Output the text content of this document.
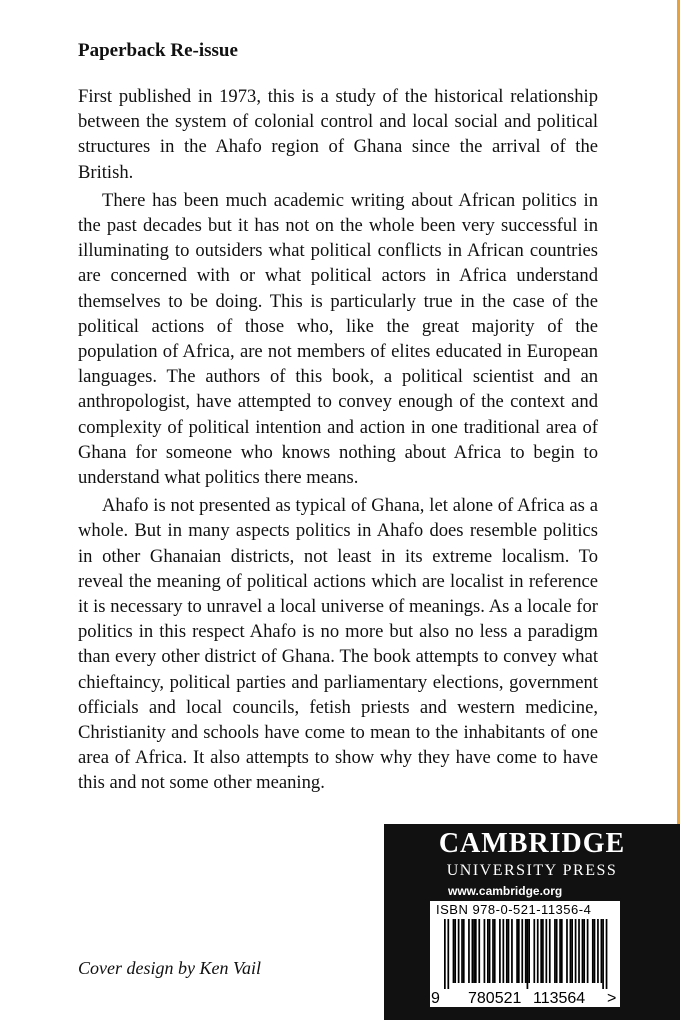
Paperback Re-issue

First published in 1973, this is a study of the historical relationship between the system of colonial control and local social and political structures in the Ahafo region of Ghana since the arrival of the British.

There has been much academic writing about African politics in the past decades but it has not on the whole been very successful in illuminating to outsiders what political conflicts in African countries are concerned with or what political actors in Africa understand themselves to be doing. This is particularly true in the case of the political actions of those who, like the great majority of the population of Africa, are not members of elites educated in European languages. The authors of this book, a political scientist and an anthropologist, have attempted to convey enough of the context and complexity of political intention and action in one traditional area of Ghana for someone who knows nothing about Africa to begin to understand what politics there means.

Ahafo is not presented as typical of Ghana, let alone of Africa as a whole. But in many aspects politics in Ahafo does resemble politics in other Ghanaian districts, not least in its extreme localism. To reveal the meaning of political actions which are localist in reference it is necessary to unravel a local universe of meanings. As a locale for politics in this respect Ahafo is no more but also no less a paradigm than every other district of Ghana. The book attempts to convey what chieftaincy, political parties and parliamentary elections, government officials and local councils, fetish priests and western medicine, Christianity and schools have come to mean to the inhabitants of one area of Africa. It also attempts to show why they have come to have this and not some other meaning.

Cover design by Ken Vail
CAMBRIDGE
UNIVERSITY PRESS
www.cambridge.org
ISBN 978-0-521-11356-4
9 780521 113564 >
